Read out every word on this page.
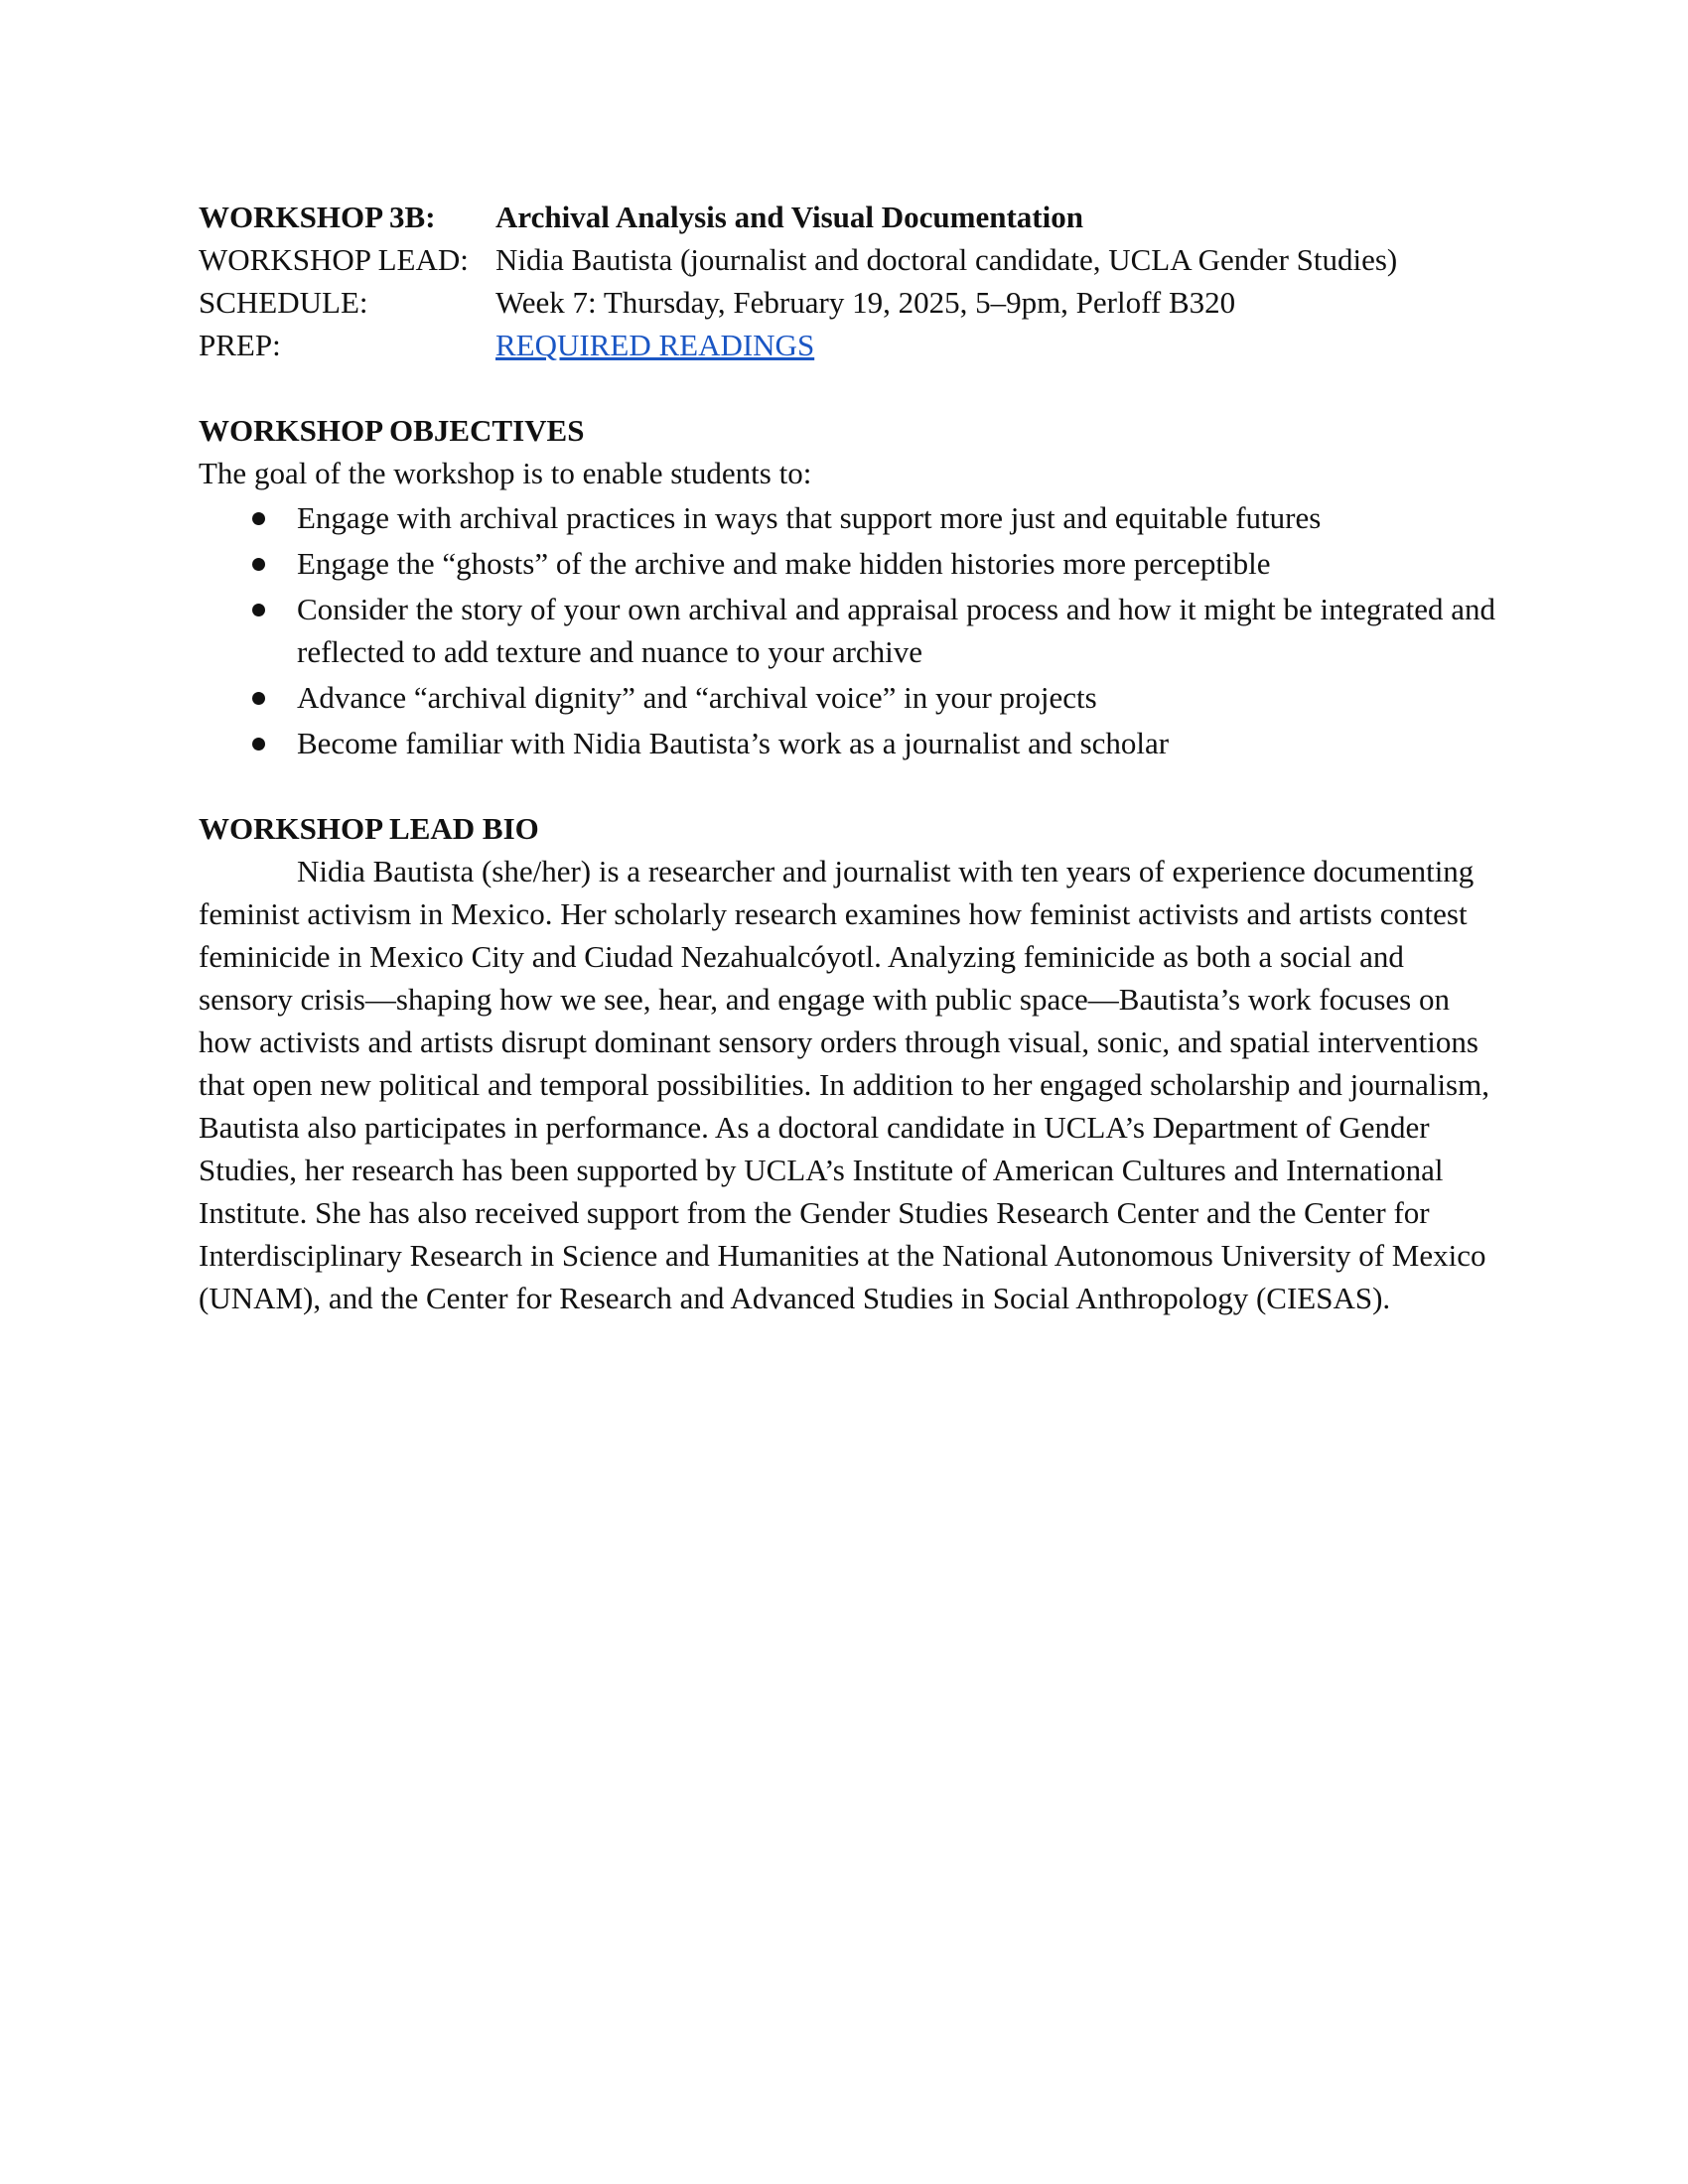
WORKSHOP 3B:	Archival Analysis and Visual Documentation
WORKSHOP LEAD: Nidia Bautista (journalist and doctoral candidate, UCLA Gender Studies)
SCHEDULE:	Week 7: Thursday, February 19, 2025, 5–9pm, Perloff B320
PREP:	REQUIRED READINGS
WORKSHOP OBJECTIVES
The goal of the workshop is to enable students to:
Engage with archival practices in ways that support more just and equitable futures
Engage the “ghosts” of the archive and make hidden histories more perceptible
Consider the story of your own archival and appraisal process and how it might be integrated and reflected to add texture and nuance to your archive
Advance “archival dignity” and “archival voice” in your projects
Become familiar with Nidia Bautista’s work as a journalist and scholar
WORKSHOP LEAD BIO

Nidia Bautista (she/her) is a researcher and journalist with ten years of experience documenting feminist activism in Mexico. Her scholarly research examines how feminist activists and artists contest feminicide in Mexico City and Ciudad Nezahualcóyotl. Analyzing feminicide as both a social and sensory crisis—shaping how we see, hear, and engage with public space—Bautista’s work focuses on how activists and artists disrupt dominant sensory orders through visual, sonic, and spatial interventions that open new political and temporal possibilities. In addition to her engaged scholarship and journalism, Bautista also participates in performance. As a doctoral candidate in UCLA’s Department of Gender Studies, her research has been supported by UCLA’s Institute of American Cultures and International Institute. She has also received support from the Gender Studies Research Center and the Center for Interdisciplinary Research in Science and Humanities at the National Autonomous University of Mexico (UNAM), and the Center for Research and Advanced Studies in Social Anthropology (CIESAS).
